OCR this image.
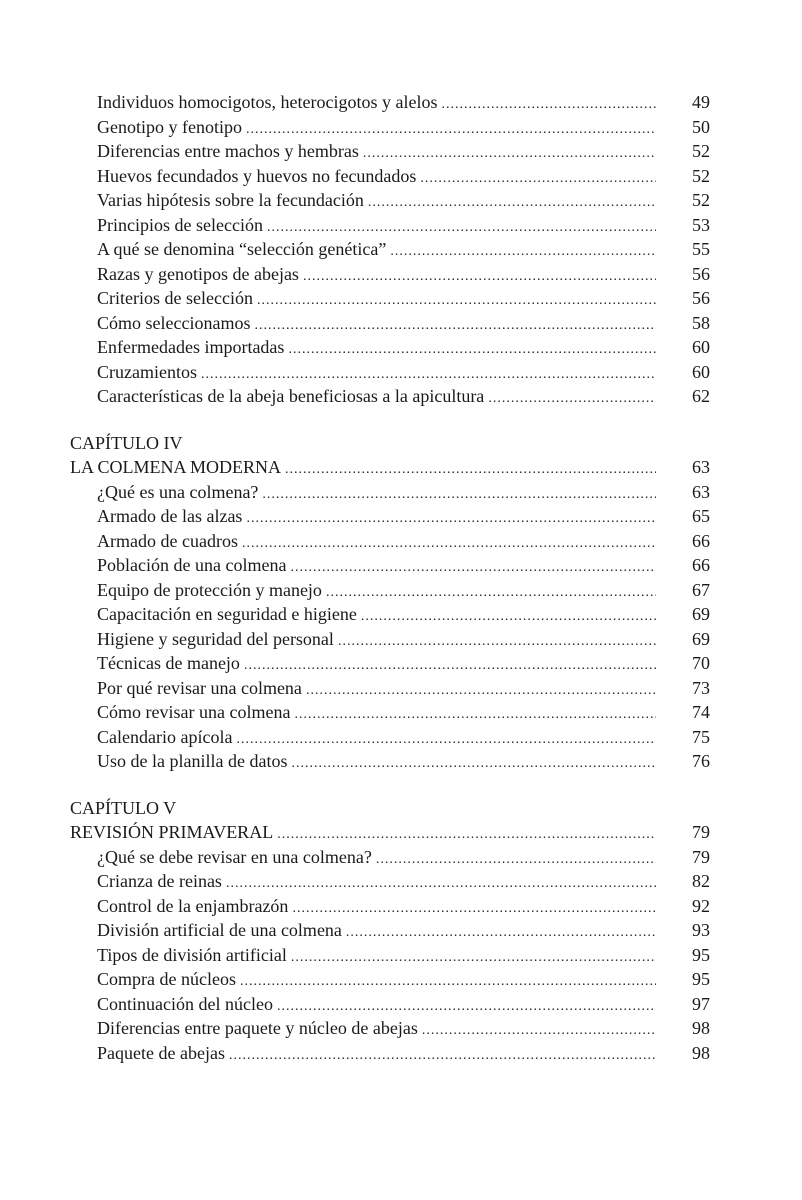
Individuos homocigotos, heterocigotos y alelos .....	49
Genotipo y fenotipo .....	50
Diferencias entre machos y hembras .....	52
Huevos fecundados y huevos no fecundados .....	52
Varias hipótesis sobre la fecundación .....	52
Principios de selección .....	53
A qué se denomina “selección genética” .....	55
Razas y genotipos de abejas .....	56
Criterios de selección .....	56
Cómo seleccionamos .....	58
Enfermedades importadas .....	60
Cruzamientos .....	60
Características de la abeja beneficiosas a la apicultura .....	62
CAPÍTULO IV
LA COLMENA MODERNA .....	63
¿Qué es una colmena? .....	63
Armado de las alzas .....	65
Armado de cuadros .....	66
Población de una colmena .....	66
Equipo de protección y manejo .....	67
Capacitación en seguridad e higiene .....	69
Higiene y seguridad del personal .....	69
Técnicas de manejo .....	70
Por qué revisar una colmena .....	73
Cómo revisar una colmena .....	74
Calendario apícola .....	75
Uso de la planilla de datos .....	76
CAPÍTULO V
REVISIÓN PRIMAVERAL .....	79
¿Qué se debe revisar en una colmena? .....	79
Crianza de reinas .....	82
Control de la enjambrazón .....	92
División artificial de una colmena .....	93
Tipos de división artificial .....	95
Compra de núcleos .....	95
Continuación del núcleo .....	97
Diferencias entre paquete y núcleo de abejas .....	98
Paquete de abejas .....	98
